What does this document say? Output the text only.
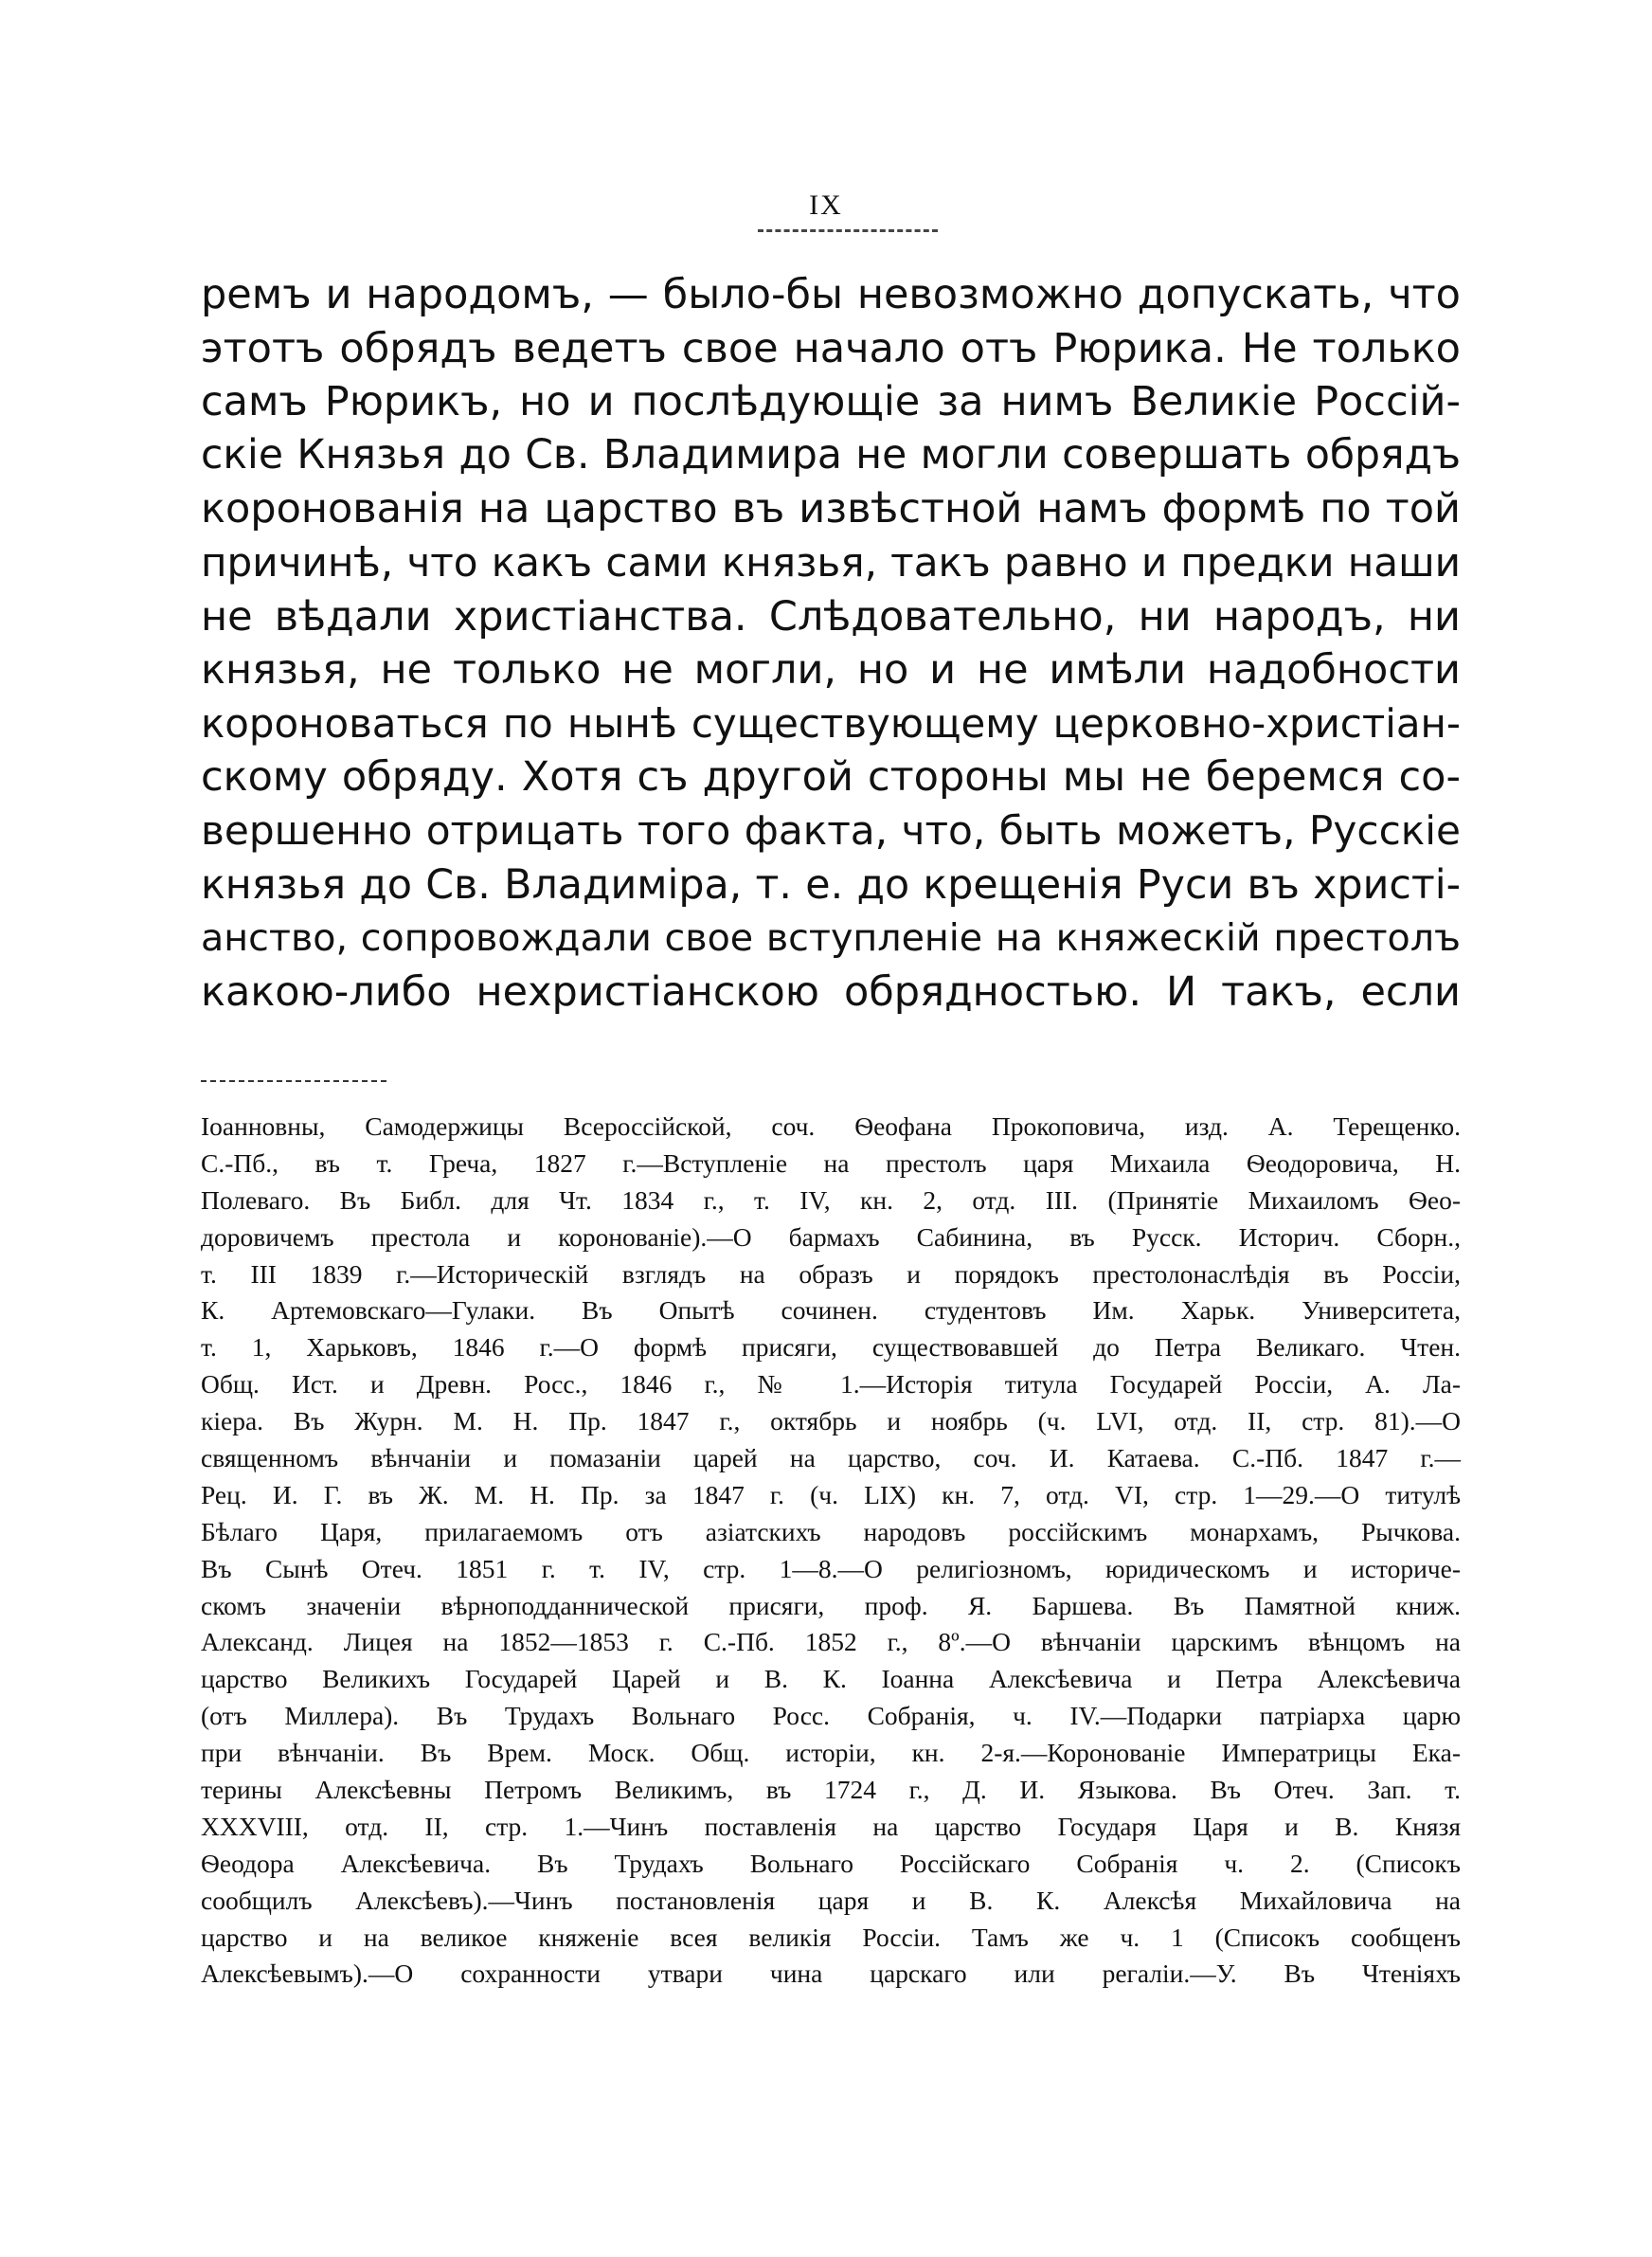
IX
ремъ и народомъ, — было-бы невозможно допускать, что
этотъ обрядъ ведетъ свое начало отъ Рюрика. Не только
самъ Рюрикъ, но и послѣдующіе за нимъ Великіе Россій-
скіе Князья до Св. Владимира не могли совершать обрядъ
коронованія на царство въ извѣстной намъ формѣ по той
причинѣ, что какъ сами князья, такъ равно и предки наши
не вѣдали христіанства. Слѣдовательно, ни народъ, ни
князья, не только не могли, но и не имѣли надобности
короноваться по нынѣ существующему церковно-христіан-
скому обряду. Хотя съ другой стороны мы не беремся со-
вершенно отрицать того факта, что, быть можетъ, Русскіе
князья до Св. Владиміра, т. е. до крещенія Руси въ христі-
анство, сопровождали свое вступленіе на княжескій престолъ
какою-либо нехристіанскою обрядностью. И такъ, если
Іоанновны, Самодержицы Всероссійской, соч. Ѳеофана Прокоповича, изд. А. Терещенко.
С.-Пб., въ т. Греча, 1827 г.—Вступленіе на престолъ царя Михаила Ѳеодоровича, Н.
Полеваго. Въ Библ. для Чт. 1834 г., т. IV, кн. 2, отд. III. (Принятіе Михаиломъ Ѳео-
доровичемъ престола и коронованіе).—О бармахъ Сабинина, въ Русск. Историч. Сборн.,
т. III 1839 г.—Историческій взглядъ на образъ и порядокъ престолонаслѣдія въ Россіи,
К. Артемовскаго—Гулаки. Въ Опытѣ сочинен. студентовъ Им. Харьк. Университета,
т. 1, Харьковъ, 1846 г.—О формѣ присяги, существовавшей до Петра Великаго. Чтен.
Общ. Ист. и Древн. Росс., 1846 г., № 1.—Исторія титула Государей Россіи, А. Ла-
кіера. Въ Журн. М. Н. Пр. 1847 г., октябрь и ноябрь (ч. LVI, отд. II, стр. 81).—О
священномъ вѣнчаніи и помазаніи царей на царство, соч. И. Катаева. С.-Пб. 1847 г.—
Рец. И. Г. въ Ж. М. Н. Пр. за 1847 г. (ч. LIX) кн. 7, отд. VI, стр. 1—29.—О титулѣ
Бѣлаго Царя, прилагаемомъ отъ азіатскихъ народовъ россійскимъ монархамъ, Рычкова.
Въ Сынѣ Отеч. 1851 г. т. IV, стр. 1—8.—О религіозномъ, юридическомъ и историче-
скомъ значеніи вѣрноподданнической присяги, проф. Я. Баршева. Въ Памятной книж.
Александ. Лицея на 1852—1853 г. С.-Пб. 1852 г., 8º.—О вѣнчаніи царскимъ вѣнцомъ на
царство Великихъ Государей Царей и В. К. Іоанна Алексѣевича и Петра Алексѣевича
(отъ Миллера). Въ Трудахъ Вольнаго Росс. Собранія, ч. IV.—Подарки патріарха царю
при вѣнчаніи. Въ Врем. Моск. Общ. исторіи, кн. 2-я.—Коронованіе Императрицы Ека-
терины Алексѣевны Петромъ Великимъ, въ 1724 г., Д. И. Языкова. Въ Отеч. Зап. т.
XXXVIII, отд. II, стр. 1.—Чинъ поставленія на царство Государя Царя и В. Князя
Ѳеодора Алексѣевича. Въ Трудахъ Вольнаго Россійскаго Собранія ч. 2. (Списокъ
сообщилъ Алексѣевъ).—Чинъ постановленія царя и В. К. Алексѣя Михайловича на
царство и на великое княженіе всея великія Россіи. Тамъ же ч. 1 (Списокъ сообщенъ
Алексѣевымъ).—О сохранности утвари чина царскаго или регаліи.—У. Въ Чтеніяхъ
